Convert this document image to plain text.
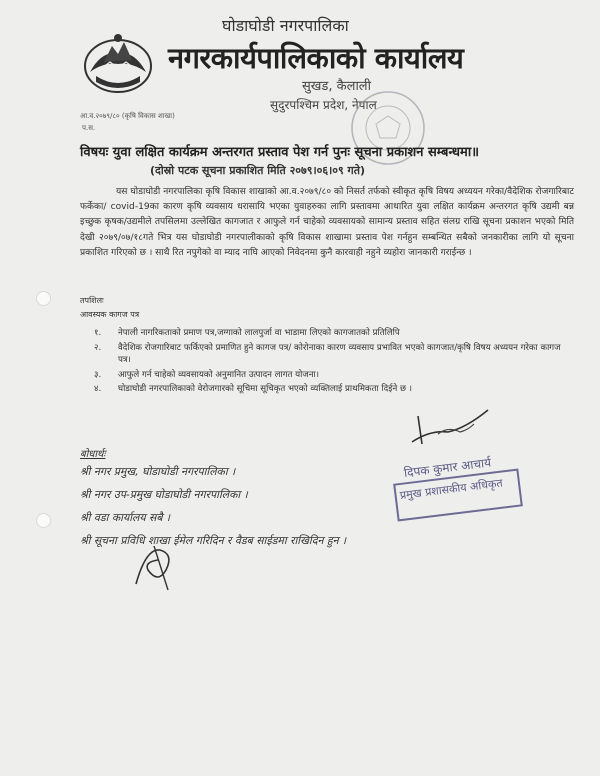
घोडाघोडी नगरपालिका
नगरकार्यपालिकाको कार्यालय
सुखड, कैलाली
सुदुरपश्चिम प्रदेश, नेपाल
आ.व.२०७९/८० (कृषि विकास शाखा)
प.स.
विषयः युवा लक्षित कार्यक्रम अन्तरगत प्रस्ताव पेश गर्न पुनः सूचना प्रकाशन सम्बन्धमा॥
(दोस्रो पटक सूचना प्रकाशित मिति २०७९।०६।०९ गते)
यस घोडाघोडी नगरपालिका कृषि विकास शाखाको आ.व.२०७९/८० को निसर्त तर्फको स्वीकृत कृषि विषय अध्ययन गरेका/वैदेशिक रोजगारिबाट फर्केका/ covid-19का कारण कृषि व्यवसाय धरासायि भएका युवाहरुका लागि प्रस्तावमा आधारित युवा लक्षित कार्यक्रम अन्तरगत कृषि उद्यमी बन्न इच्छुक कृषक/उद्यमीले तपसिलमा उल्लेखित कागजात र आफुले गर्न चाहेको व्यवसायको सामान्य प्रस्ताव सहित संलग्र राखि सूचना प्रकाशन भएको मिति देखी २०७९/०७/१८गते भित्र यस घोडाघोडी नगरपालीकाको कृषि विकास शाखामा प्रस्ताव पेश गर्नहुन सम्बन्धित सबैको जनकारीका लागि यो सूचना प्रकाशित गरिएको छ । साथै रित नपुगेको वा म्याद नाघि आएको निवेदनमा कुनै कारवाही नहुने व्यहोरा जानकारी गराईन्छ ।
तपशिलः
आवस्यक कागज पत्र
१. नेपाली नागरिकताको प्रमाण पत्र,जग्गाको लालपुर्जा वा भाडामा लिएको कागजातको प्रतिलिपि
२. वैदेशिक रोजगारिबाट फर्किएको प्रमाणित हुने कागज पत्र/ कोरोनाका कारण व्यवसाय प्रभावित भएको कागजात/कृषि विषय अध्ययन गरेका कागज पत्र।
३. आफुले गर्न चाहेको व्यवसायको अनुमानित उत्पादन लागत योजना।
४. घोडाघोडी नगरपालिकाको वेरोजगारको सूचिमा सूचिकृत भएको व्यक्तिलाई प्राथमिकता दिईने छ ।
दिपक कुमार आचार्य
प्रमुख प्रशासकीय अधिकृत
बोधार्थः
श्री नगर प्रमुख, घोडाघोडी नगरपालिका ।
श्री नगर उप-प्रमुख घोडाघोडी नगरपालिका ।
श्री वडा कार्यालय सबै ।
श्री सूचना प्रविधि शाखा ईमेल गरिदिन र वैडब साईडमा राखिदिन हुन ।
